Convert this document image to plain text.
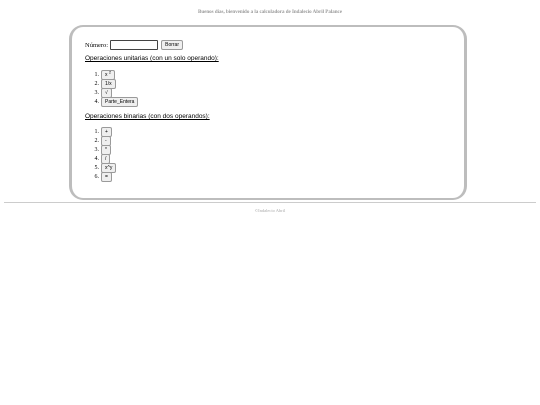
Buenos días, bienvenido a la calculadora de Indalecio Abril Palance
Número:	Borrar
Operaciones unitarias (con un solo operando):
1.	x $^2$
2.	1/x
3.	√
4.	Parte_Entera
Operaciones binarias (con dos operandos):
1.	+
2.	-
3.	*
4.	/
5.	x^y
6.	=
©Indalecio Abril
